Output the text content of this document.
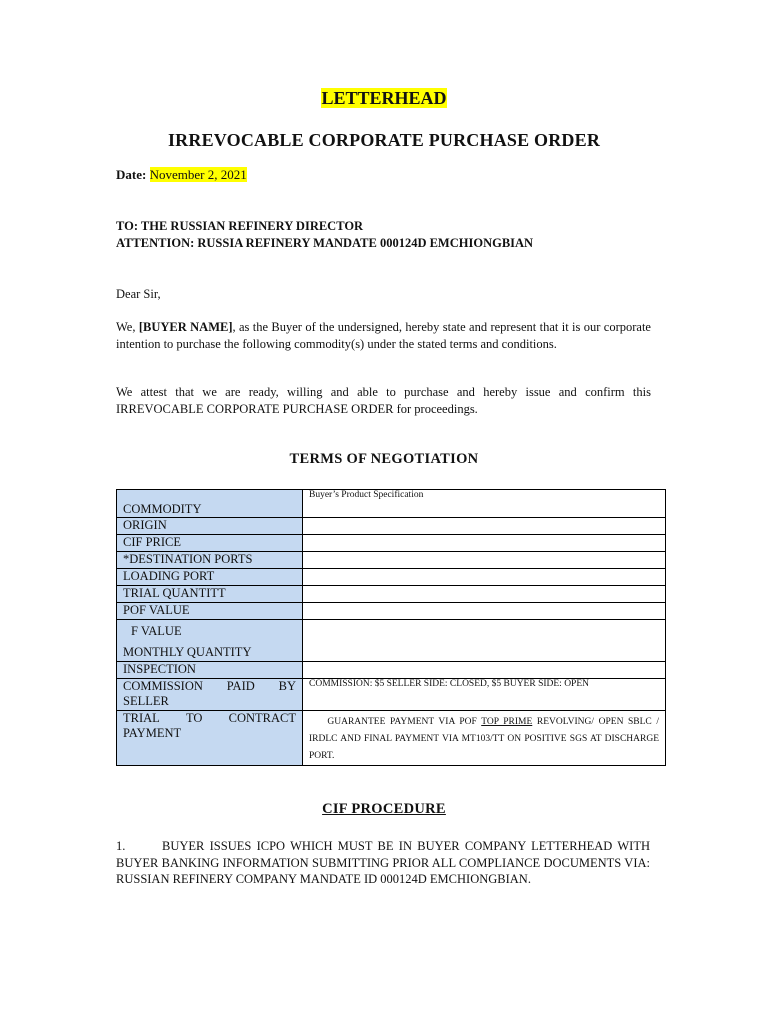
LETTERHEAD
IRREVOCABLE CORPORATE PURCHASE ORDER
Date: November 2, 2021
TO: THE RUSSIAN REFINERY DIRECTOR
ATTENTION: RUSSIA REFINERY MANDATE 000124D EMCHIONGBIAN
Dear Sir,
We, [BUYER NAME], as the Buyer of the undersigned, hereby state and represent that it is our corporate intention to purchase the following commodity(s) under the stated terms and conditions.
We attest that we are ready, willing and able to purchase and hereby issue and confirm this IRREVOCABLE CORPORATE PURCHASE ORDER for proceedings.
TERMS OF NEGOTIATION
COMMODITY	Buyer’s Product Specification
ORIGIN	
CIF PRICE	
*DESTINATION PORTS	
LOADING PORT	
TRIAL QUANTITT	
POF VALUE	

F VALUE
MONTHLY QUANTITY	

INSPECTION	

COMMISSION PAID BY
SELLER	COMMISSION: $5 SELLER SIDE: CLOSED, $5 BUYER SIDE: OPEN

TRIAL TO CONTRACT
PAYMENT	GUARANTEE PAYMENT VIA POF TOP PRIME REVOLVING/ OPEN SBLC / IRDLC AND FINAL PAYMENT VIA MT103/TT ON POSITIVE SGS AT DISCHARGE PORT.
CIF PROCEDURE
1.	BUYER ISSUES ICPO WHICH MUST BE IN BUYER COMPANY LETTERHEAD WITH BUYER BANKING INFORMATION SUBMITTING PRIOR ALL COMPLIANCE DOCUMENTS VIA: RUSSIAN REFINERY COMPANY MANDATE ID 000124D EMCHIONGBIAN.
